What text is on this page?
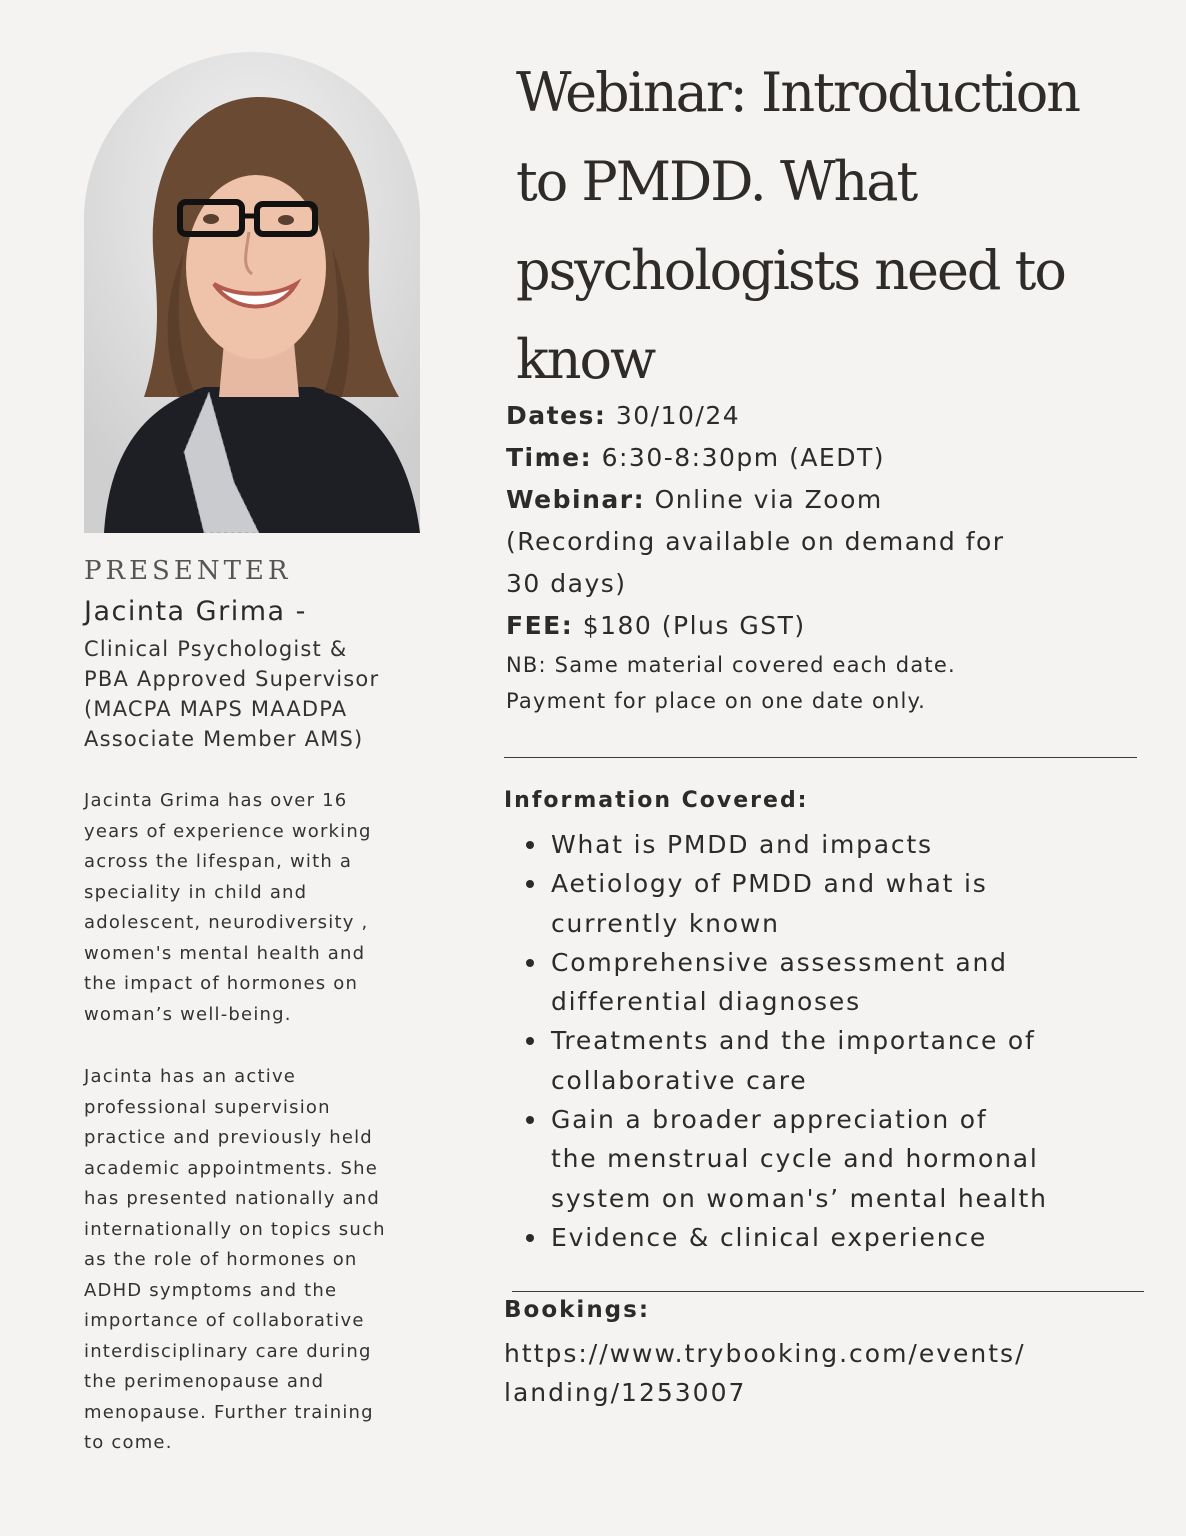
PRESENTER
Jacinta Grima -
Clinical Psychologist &
PBA Approved Supervisor
(MACPA MAPS MAADPA
Associate Member AMS)
Jacinta Grima has over 16
years of experience working
across the lifespan, with a
speciality in child and
adolescent, neurodiversity ,
women's mental health and
the impact of hormones on
woman’s well-being.
Jacinta has an active
professional supervision
practice and previously held
academic appointments. She
has presented nationally and
internationally on topics such
as the role of hormones on
ADHD symptoms and the
importance of collaborative
interdisciplinary care during
the perimenopause and
menopause. Further training
to come.
Webinar: Introduction
to PMDD. What
psychologists need to
know
Dates: 30/10/24
Time: 6:30-8:30pm (AEDT)
Webinar: Online via Zoom
(Recording available on demand for
30 days)
FEE: $180 (Plus GST)
NB: Same material covered each date.
Payment for place on one date only.
Information Covered:
What is PMDD and impacts
Aetiology of PMDD and what is
currently known
Comprehensive assessment and
differential diagnoses
Treatments and the importance of
collaborative care
Gain a broader appreciation of
the menstrual cycle and hormonal
system on woman's’ mental health
Evidence & clinical experience
Bookings:
https://www.trybooking.com/events/
landing/1253007
